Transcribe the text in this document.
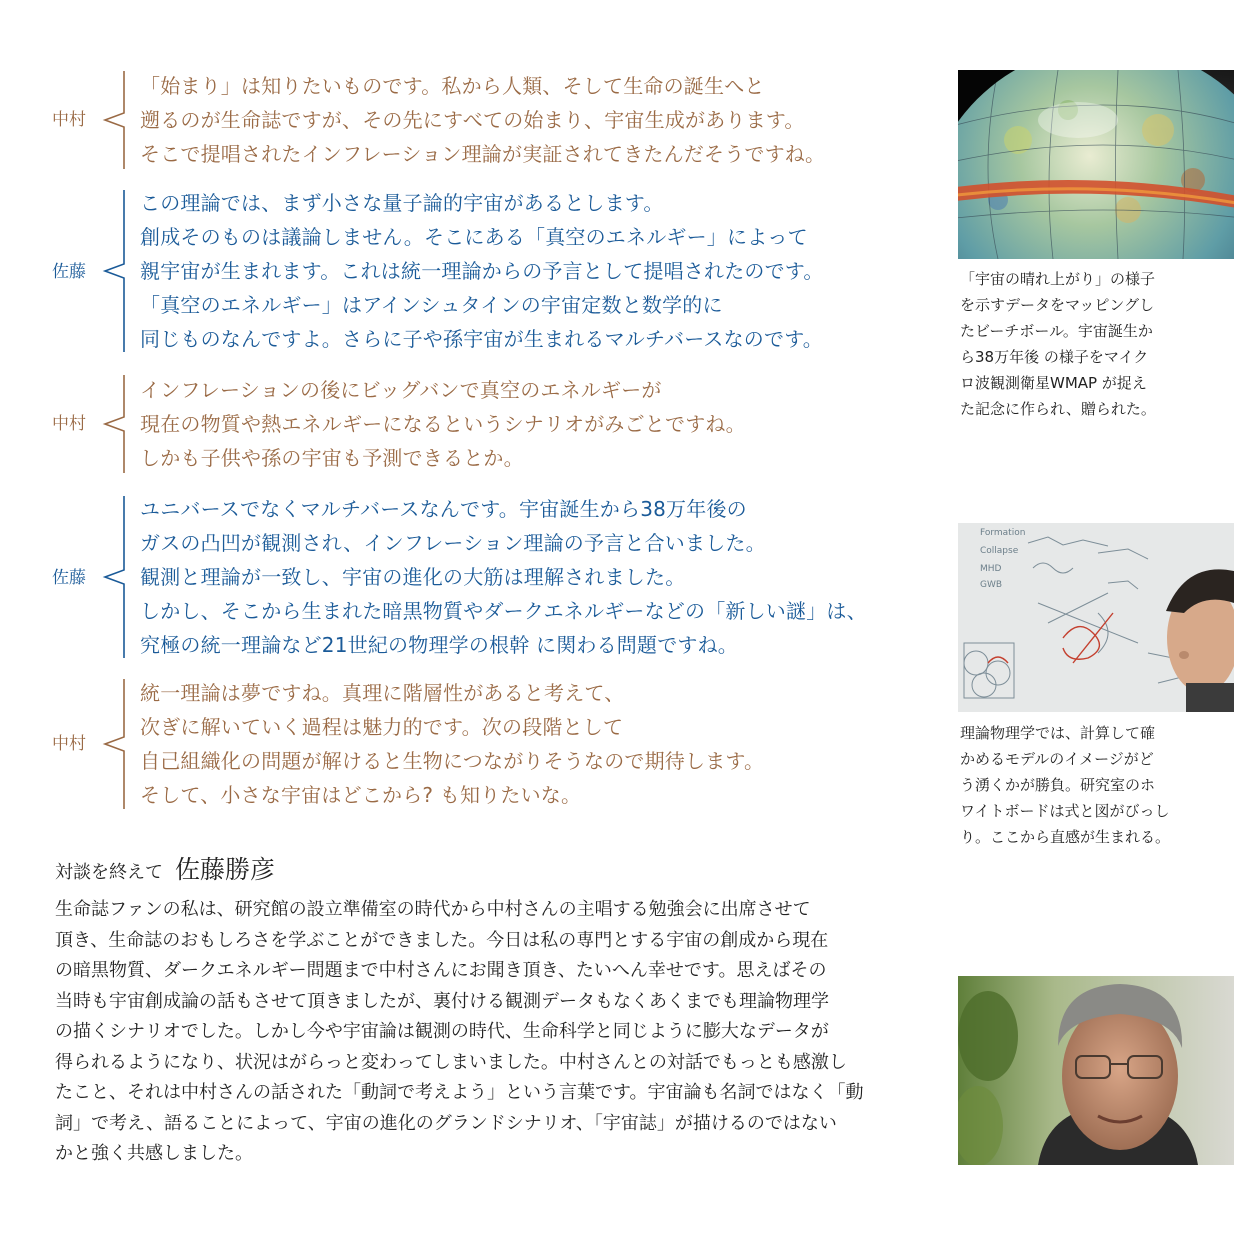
中村
「始まり」は知りたいものです。私から人類、そして生命の誕生へと
遡るのが生命誌ですが、その先にすべての始まり、宇宙生成があります。
そこで提唱されたインフレーション理論が実証されてきたんだそうですね。
佐藤
この理論では、まず小さな量子論的宇宙があるとします。
創成そのものは議論しません。そこにある「真空のエネルギー」によって
親宇宙が生まれます。これは統一理論からの予言として提唱されたのです。
「真空のエネルギー」はアインシュタインの宇宙定数と数学的に
同じものなんですよ。さらに子や孫宇宙が生まれるマルチバースなのです。
中村
インフレーションの後にビッグバンで真空のエネルギーが
現在の物質や熱エネルギーになるというシナリオがみごとですね。
しかも子供や孫の宇宙も予測できるとか。
佐藤
ユニバースでなくマルチバースなんです。宇宙誕生から38万年後の
ガスの凸凹が観測され、インフレーション理論の予言と合いました。
観測と理論が一致し、宇宙の進化の大筋は理解されました。
しかし、そこから生まれた暗黒物質やダークエネルギーなどの「新しい謎」は、
究極の統一理論など21世紀の物理学の根幹 に関わる問題ですね。
中村
統一理論は夢ですね。真理に階層性があると考えて、
次ぎに解いていく過程は魅力的です。次の段階として
自己組織化の問題が解けると生物につながりそうなので期待します。
そして、小さな宇宙はどこから? も知りたいな。
対談を終えて 佐藤勝彦
生命誌ファンの私は、研究館の設立準備室の時代から中村さんの主唱する勉強会に出席させて
頂き、生命誌のおもしろさを学ぶことができました。今日は私の専門とする宇宙の創成から現在
の暗黒物質、ダークエネルギー問題まで中村さんにお聞き頂き、たいへん幸せです。思えばその
当時も宇宙創成論の話もさせて頂きましたが、裏付ける観測データもなくあくまでも理論物理学
の描くシナリオでした。しかし今や宇宙論は観測の時代、生命科学と同じように膨大なデータが
得られるようになり、状況はがらっと変わってしまいました。中村さんとの対話でもっとも感激し
たこと、それは中村さんの話された「動詞で考えよう」という言葉です。宇宙論も名詞ではなく「動
詞」で考え、語ることによって、宇宙の進化のグランドシナリオ、「宇宙誌」が描けるのではない
かと強く共感しました。
「宇宙の晴れ上がり」の様子
を示すデータをマッピングし
たビーチボール。宇宙誕生か
ら38万年後 の様子をマイク
ロ波観測衛星WMAP が捉え
た記念に作られ、贈られた。
Formation
Collapse
MHD
GWB
理論物理学では、計算して確
かめるモデルのイメージがど
う湧くかが勝負。研究室のホ
ワイトボードは式と図がびっし
り。ここから直感が生まれる。
